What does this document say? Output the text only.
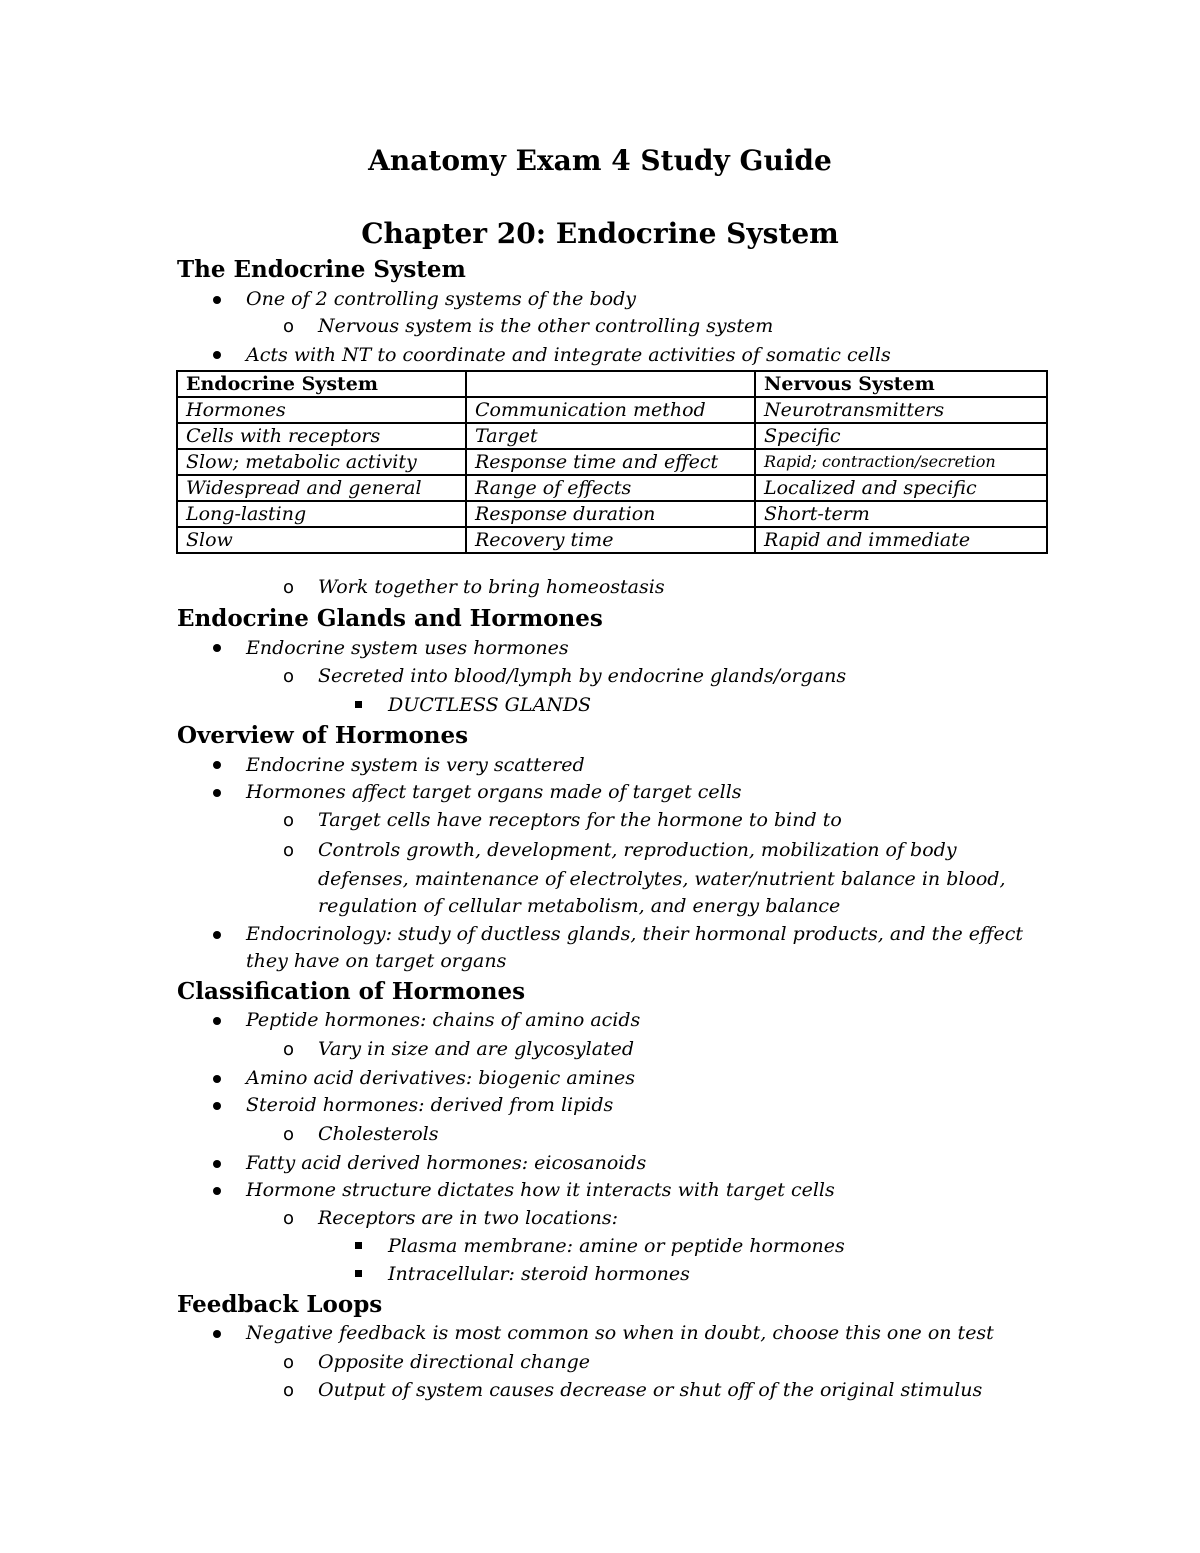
Anatomy Exam 4 Study Guide
Chapter 20: Endocrine System
The Endocrine System
One of 2 controlling systems of the body
o Nervous system is the other controlling system
Acts with NT to coordinate and integrate activities of somatic cells
Endocrine System		Nervous System
Hormones	Communication method	Neurotransmitters
Cells with receptors	Target	Specific
Slow; metabolic activity	Response time and effect	Rapid; contraction/secretion
Widespread and general	Range of effects	Localized and specific
Long-lasting	Response duration	Short-term
Slow	Recovery time	Rapid and immediate
o Work together to bring homeostasis
Endocrine Glands and Hormones
Endocrine system uses hormones
o Secreted into blood/lymph by endocrine glands/organs
DUCTLESS GLANDS
Overview of Hormones
Endocrine system is very scattered
Hormones affect target organs made of target cells
o Target cells have receptors for the hormone to bind to
o Controls growth, development, reproduction, mobilization of body
defenses, maintenance of electrolytes, water/nutrient balance in blood,
regulation of cellular metabolism, and energy balance
Endocrinology: study of ductless glands, their hormonal products, and the effect
they have on target organs
Classification of Hormones
Peptide hormones: chains of amino acids
o Vary in size and are glycosylated
Amino acid derivatives: biogenic amines
Steroid hormones: derived from lipids
o Cholesterols
Fatty acid derived hormones: eicosanoids
Hormone structure dictates how it interacts with target cells
o Receptors are in two locations:
Plasma membrane: amine or peptide hormones
Intracellular: steroid hormones
Feedback Loops
Negative feedback is most common so when in doubt, choose this one on test
o Opposite directional change
o Output of system causes decrease or shut off of the original stimulus
